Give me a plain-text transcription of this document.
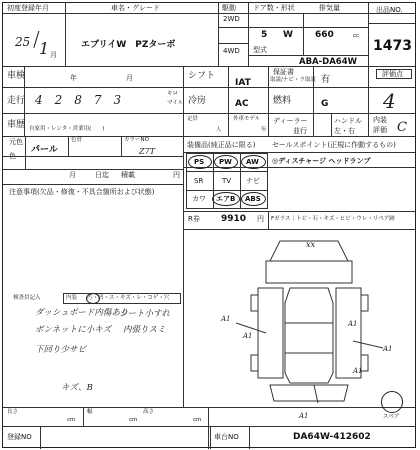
初度登録年月
25 1 月
/
車名・グレード
エブリイW　PZターボ
駆動 ドア数・形状	排気量
2WD
4WD
5 W 660	cc
型式
ABA-DA64W
出品NO.
1473
車検	年	月	シフト
IAT
保証書
取説/ナビ・ラ取説 有
評価点
4
走行 4　2　8　7　3	キロ
マイル 冷房	AC	燃料	G
車歴 自家用・レンタ・営業用(　　)
定員
人
外車モデル
年
ディーラー
並行
ハンドル
左・右
内装
評価 C
元色
色
色替	カラーNO
パール	Z7T
月	日迄 積載	円
注意事項(欠品・修復・不具合箇所および状態)
装備品(純正品に限る)
PS PW AW
SR	TV ナビ
カワ エアB ABS
R券 9910 円 Fガラス｜トビ・石・キズ・ヒビ・ウレ・リペア跡
セールスポイント(正規に作動するもの)
◎ディスチャージ ヘッドランプ
検査員記入	内装 汚・凹・ス・キズ・レ・コゲ・穴
ダッシュボード内傷あり
シート小すれ
ボンネットに小キズ 内張りスミ
下回り少サビ
キズ、B
xx
A1
A1
A1
A1
A1
A1
スペア
長さ
cm
幅
cm
高さ
cm
登録NO	車台NO	DA64W-412602
